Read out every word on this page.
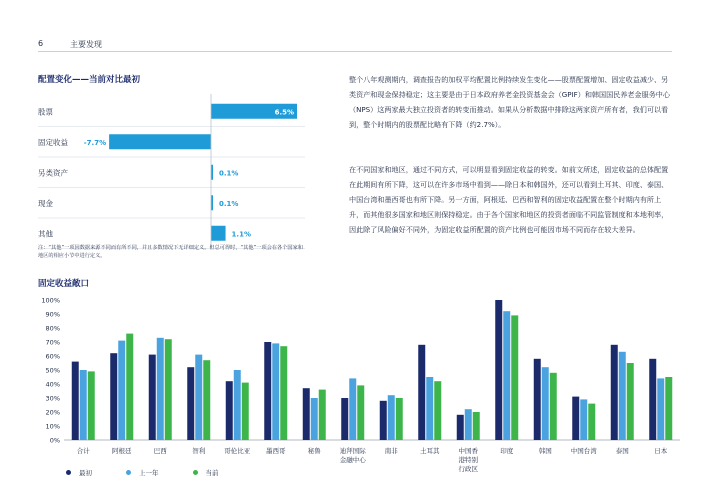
6	主要发现
配置变化——当前对比最初
股票	6.5%
固定收益 -7.7%
另类资产	0.1%
现金	0.1%
其他	1.1%
注：“其他”一项因数据来源不同而有所不同，并且多数情况下无详细定义。但总可得时，“其他”一项会在各个国家和地区的相应小节中进行定义。
整个八年观测期内，调查报告的加权平均配置比例持续发生变化——股票配置增加、固定收益减少、另类资产和现金保持稳定；这主要是由于日本政府养老金投资基金会（GPIF）和韩国国民养老金服务中心（NPS）这两家最大独立投资者的转变而推动。如果从分析数据中排除这两家资产所有者，我们可以看到，整个时期内的股票配比略有下降（约2.7%）。
在不同国家和地区，通过不同方式，可以明显看到固定收益的转变。如前文所述，固定收益的总体配置在此期间有所下降，这可以在许多市场中看到——除日本和韩国外，还可以看到土耳其、印度、泰国、中国台湾和墨西哥也有所下降。另一方面，阿根廷、巴西和智利的固定收益配置在整个时期内有所上升，而其他很多国家和地区则保持稳定。由于各个国家和地区的投资者面临不同监管制度和本地利率，因此除了风险偏好不同外，为固定收益所配置的资产比例也可能因市场不同而存在较大差异。
固定收益敞口
0%
10%
20%
30%
40%
50%
60%
70%
80%
90%
100%
合计	阿根廷	巴西	智利	哥伦比亚 墨西哥	秘鲁	迪拜国际
金融中心
南非	土耳其	中国香
港特别
行政区
印度	韩国	中国台湾	泰国	日本
最初	上一年	当前
